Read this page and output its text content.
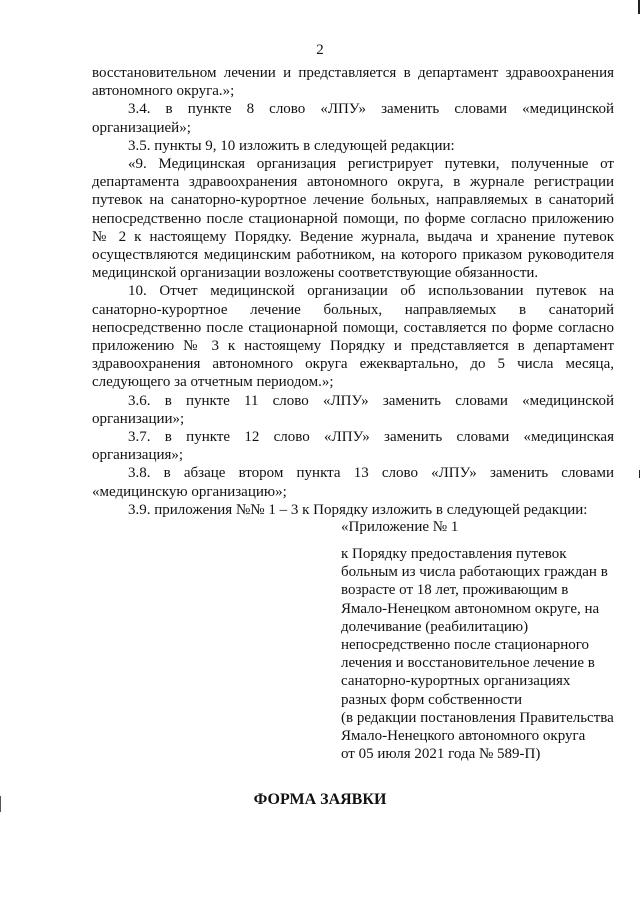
2

восстановительном лечении и представляется в департамент здравоохранения автономного округа.»;

3.4. в пункте 8 слово «ЛПУ» заменить словами «медицинской организацией»;

3.5. пункты 9, 10 изложить в следующей редакции:

«9. Медицинская организация регистрирует путевки, полученные от департамента здравоохранения автономного округа, в журнале регистрации путевок на санаторно-курортное лечение больных, направляемых в санаторий непосредственно после стационарной помощи, по форме согласно приложению № 2 к настоящему Порядку. Ведение журнала, выдача и хранение путевок осуществляются медицинским работником, на которого приказом руководителя медицинской организации возложены соответствующие обязанности.

10. Отчет медицинской организации об использовании путевок на санаторно-курортное лечение больных, направляемых в санаторий непосредственно после стационарной помощи, составляется по форме согласно приложению № 3 к настоящему Порядку и представляется в департамент здравоохранения автономного округа ежеквартально, до 5 числа месяца, следующего за отчетным периодом.»;

3.6. в пункте 11 слово «ЛПУ» заменить словами «медицинской организации»;

3.7. в пункте 12 слово «ЛПУ» заменить словами «медицинская организация»;

3.8. в абзаце втором пункта 13 слово «ЛПУ» заменить словами «медицинскую организацию»;

3.9. приложения №№ 1 – 3 к Порядку изложить в следующей редакции:

«Приложение № 1
к Порядку предоставления путевок
больным из числа работающих граждан в
возрасте от 18 лет, проживающим в
Ямало-Ненецком автономном округе, на
долечивание (реабилитацию)
непосредственно после стационарного
лечения и восстановительное лечение в
санаторно-курортных организациях
разных форм собственности
(в редакции постановления Правительства
Ямало-Ненецкого автономного округа
от 05 июля 2021 года № 589-П)
ФОРМА ЗАЯВКИ
